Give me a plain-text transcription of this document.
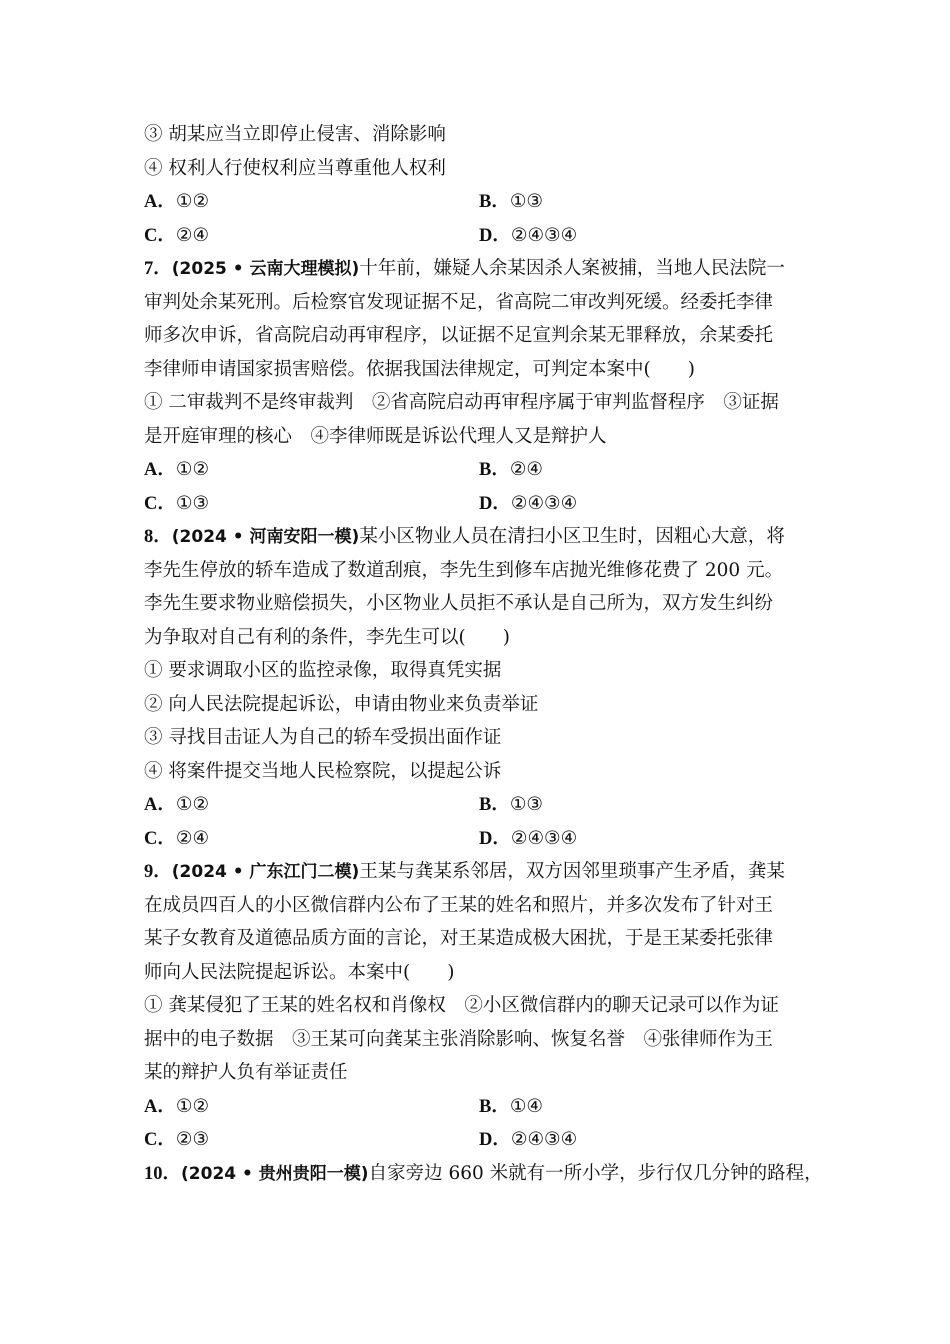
③ 胡某应当立即停止侵害、消除影响
④ 权利人行使权利应当尊重他人权利
A．①②	B．①③
C．②④	D．②④③④
7．(2025 • 云南大理模拟)十年前，嫌疑人余某因杀人案被捕，当地人民法院一
审判处余某死刑。后检察官发现证据不足，省高院二审改判死缓。经委托李律
师多次申诉，省高院启动再审程序，以证据不足宣判余某无罪释放，余某委托
李律师申请国家损害赔偿。依据我国法律规定，可判定本案中(　　)
① 二审裁判不是终审裁判　②省高院启动再审程序属于审判监督程序　③证据
是开庭审理的核心　④李律师既是诉讼代理人又是辩护人
A．①②	B．②④
C．①③	D．②④③④
8．(2024 • 河南安阳一模)某小区物业人员在清扫小区卫生时，因粗心大意，将
李先生停放的轿车造成了数道刮痕，李先生到修车店抛光维修花费了 200 元。
李先生要求物业赔偿损失，小区物业人员拒不承认是自己所为，双方发生纠纷
为争取对自己有利的条件，李先生可以(　　)
① 要求调取小区的监控录像，取得真凭实据
② 向人民法院提起诉讼，申请由物业来负责举证
③ 寻找目击证人为自己的轿车受损出面作证
④ 将案件提交当地人民检察院，以提起公诉
A．①②	B．①③
C．②④	D．②④③④
9．(2024 • 广东江门二模)王某与龚某系邻居，双方因邻里琐事产生矛盾，龚某
在成员四百人的小区微信群内公布了王某的姓名和照片，并多次发布了针对王
某子女教育及道德品质方面的言论，对王某造成极大困扰，于是王某委托张律
师向人民法院提起诉讼。本案中(　　)
① 龚某侵犯了王某的姓名权和肖像权　②小区微信群内的聊天记录可以作为证
据中的电子数据　③王某可向龚某主张消除影响、恢复名誉　④张律师作为王
某的辩护人负有举证责任
A．①②	B．①④
C．②③	D．②④③④
10．(2024 • 贵州贵阳一模)自家旁边 660 米就有一所小学，步行仅几分钟的路程，
